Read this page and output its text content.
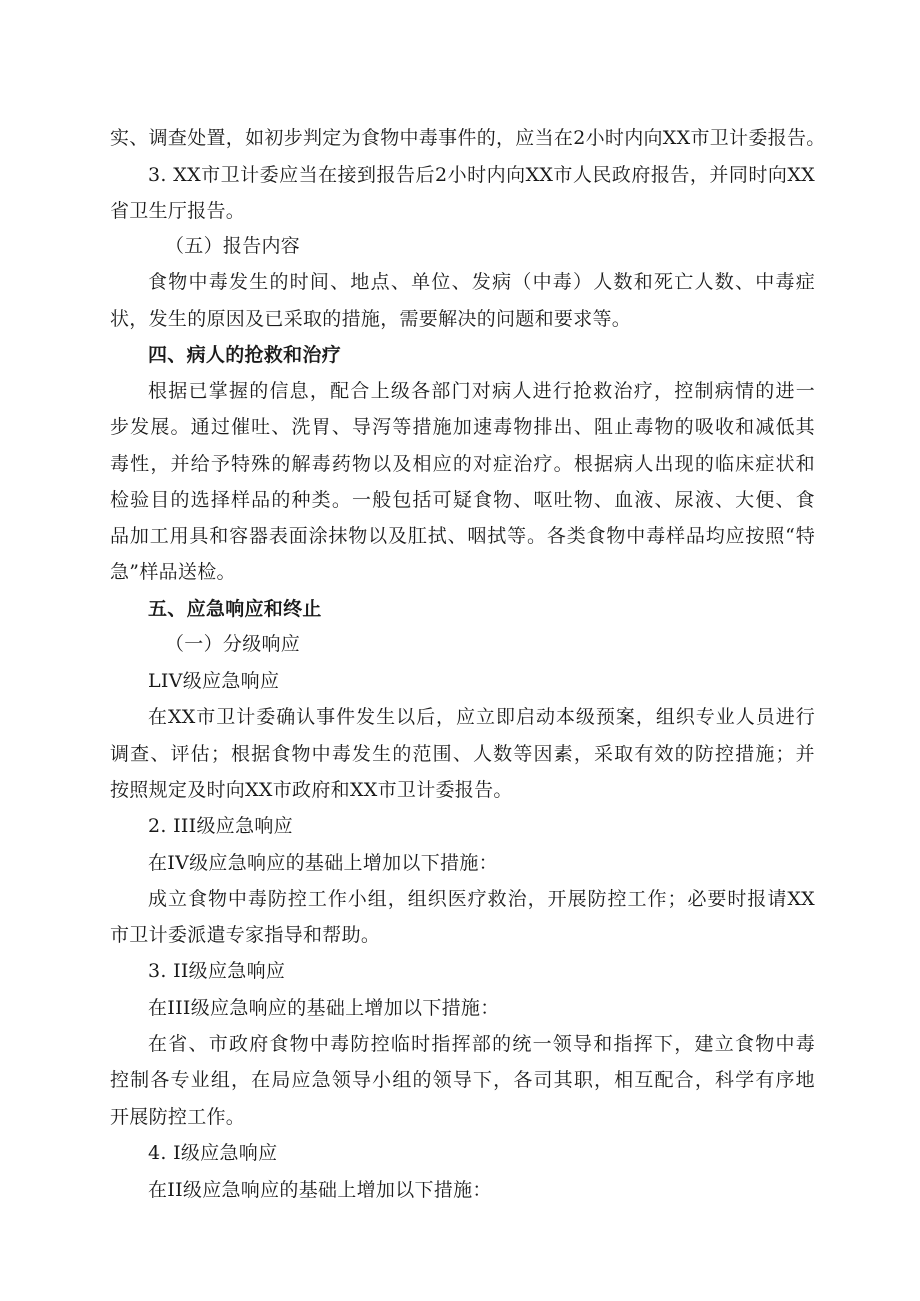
实、调查处置，如初步判定为食物中毒事件的，应当在2小时内向XX市卫计委报告。
3. XX市卫计委应当在接到报告后2小时内向XX市人民政府报告，并同时向XX
省卫生厅报告。
（五）报告内容
食物中毒发生的时间、地点、单位、发病（中毒）人数和死亡人数、中毒症
状，发生的原因及已采取的措施，需要解决的问题和要求等。
四、病人的抢救和治疗
根据已掌握的信息，配合上级各部门对病人进行抢救治疗，控制病情的进一
步发展。通过催吐、洗胃、导泻等措施加速毒物排出、阻止毒物的吸收和减低其
毒性，并给予特殊的解毒药物以及相应的对症治疗。根据病人出现的临床症状和
检验目的选择样品的种类。一般包括可疑食物、呕吐物、血液、尿液、大便、食
品加工用具和容器表面涂抹物以及肛拭、咽拭等。各类食物中毒样品均应按照“特
急”样品送检。
五、应急响应和终止
（一）分级响应
LIV级应急响应
在XX市卫计委确认事件发生以后，应立即启动本级预案，组织专业人员进行
调查、评估；根据食物中毒发生的范围、人数等因素，采取有效的防控措施；并
按照规定及时向XX市政府和XX市卫计委报告。
2. III级应急响应
在IV级应急响应的基础上增加以下措施：
成立食物中毒防控工作小组，组织医疗救治，开展防控工作；必要时报请XX
市卫计委派遣专家指导和帮助。
3. II级应急响应
在III级应急响应的基础上增加以下措施：
在省、市政府食物中毒防控临时指挥部的统一领导和指挥下，建立食物中毒
控制各专业组，在局应急领导小组的领导下，各司其职，相互配合，科学有序地
开展防控工作。
4. I级应急响应
在II级应急响应的基础上增加以下措施：
